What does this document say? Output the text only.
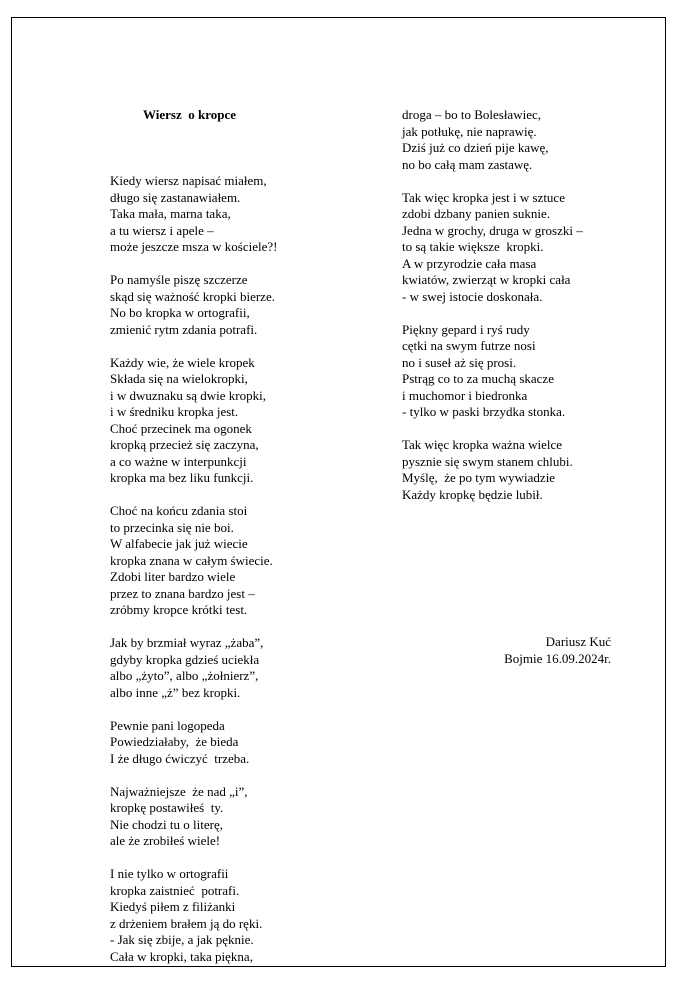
Wiersz  o kropce

Kiedy wiersz napisać miałem,
długo się zastanawiałem.
Taka mała, marna taka,
a tu wiersz i apele –
może jeszcze msza w kościele?!
Po namyśle piszę szczerze
skąd się ważność kropki bierze.
No bo kropka w ortografii,
zmienić rytm zdania potrafi.
Każdy wie, że wiele kropek
Składa się na wielokropki,
i w dwuznaku są dwie kropki,
i w średniku kropka jest.
Choć przecinek ma ogonek
kropką przecież się zaczyna,
a co ważne w interpunkcji
kropka ma bez liku funkcji.
Choć na końcu zdania stoi
to przecinka się nie boi.
W alfabecie jak już wiecie
kropka znana w całym świecie.
Zdobi liter bardzo wiele
przez to znana bardzo jest –
zróbmy kropce krótki test.
Jak by brzmiał wyraz „żaba”,
gdyby kropka gdzieś uciekła
albo „żyto”, albo „żołnierz”,
albo inne „ż” bez kropki.
Pewnie pani logopeda
Powiedziałaby,  że bieda
I że długo ćwiczyć  trzeba.
Najważniejsze  że nad „i”,
kropkę postawiłeś  ty.
Nie chodzi tu o literę,
ale że zrobiłeś wiele!
I nie tylko w ortografii
kropka zaistnieć  potrafi.
Kiedyś piłem z filiżanki
z drżeniem brałem ją do ręki.
- Jak się zbije, a jak pęknie.
Cała w kropki, taka piękna,

droga – bo to Bolesławiec,
jak potłukę, nie naprawię.
Dziś już co dzień pije kawę,
no bo całą mam zastawę.
Tak więc kropka jest i w sztuce
zdobi dzbany panien suknie.
Jedna w grochy, druga w groszki –
to są takie większe  kropki.
A w przyrodzie cała masa
kwiatów, zwierząt w kropki cała
- w swej istocie doskonała.
Piękny gepard i ryś rudy
cętki na swym futrze nosi
no i suseł aż się prosi.
Pstrąg co to za muchą skacze
i muchomor i biedronka
- tylko w paski brzydka stonka.
Tak więc kropka ważna wielce
pysznie się swym stanem chlubi.
Myślę,  że po tym wywiadzie
Każdy kropkę będzie lubił.

Dariusz Kuć
Bojmie 16.09.2024r.
